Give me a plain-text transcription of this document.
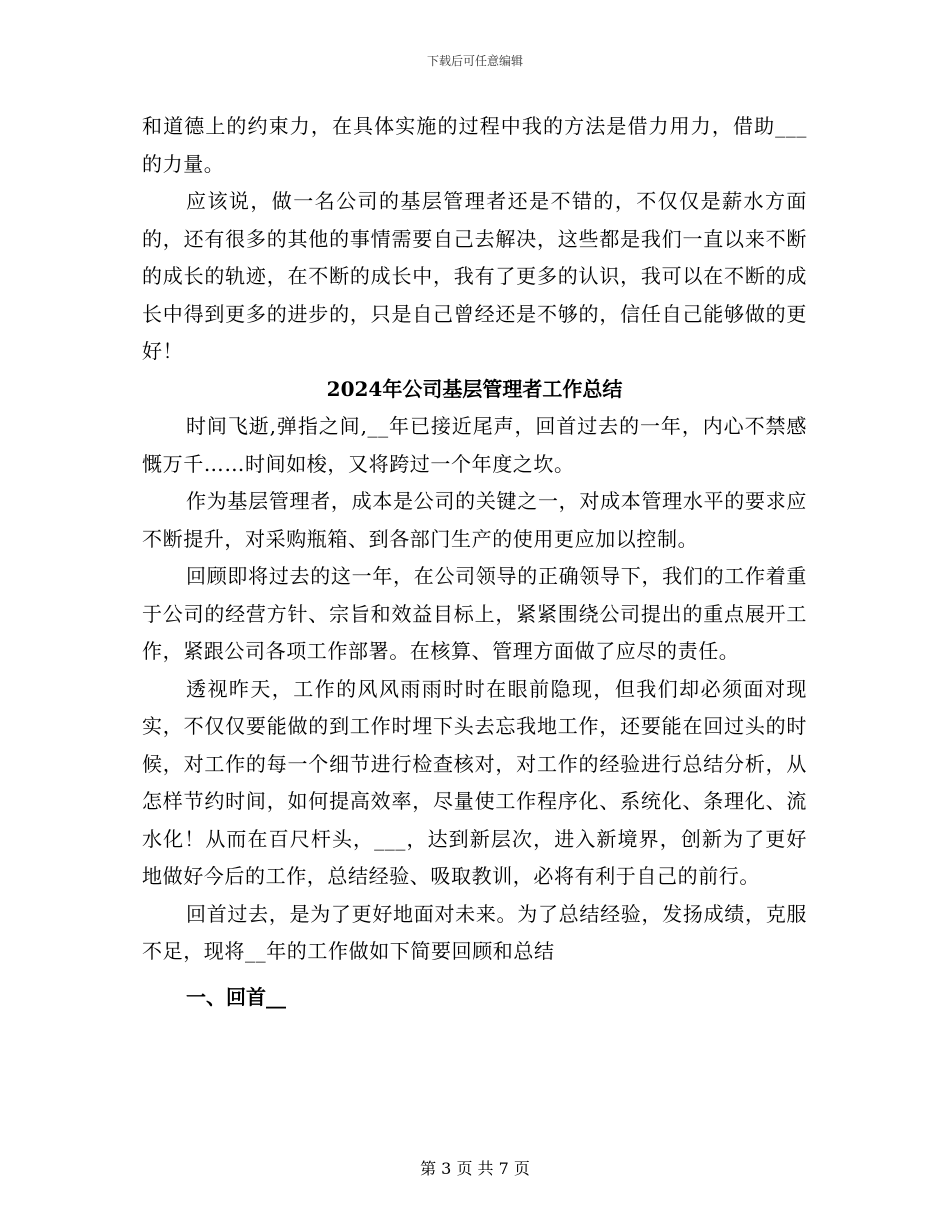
下载后可任意编辑

和道德上的约束力，在具体实施的过程中我的方法是借力用力，借助___的力量。

应该说，做一名公司的基层管理者还是不错的，不仅仅是薪水方面的，还有很多的其他的事情需要自己去解决，这些都是我们一直以来不断的成长的轨迹，在不断的成长中，我有了更多的认识，我可以在不断的成长中得到更多的进步的，只是自己曾经还是不够的，信任自己能够做的更好！

2024年公司基层管理者工作总结

时间飞逝,弹指之间,__年已接近尾声，回首过去的一年，内心不禁感慨万千……时间如梭，又将跨过一个年度之坎。

作为基层管理者，成本是公司的关键之一，对成本管理水平的要求应不断提升，对采购瓶箱、到各部门生产的使用更应加以控制。

回顾即将过去的这一年，在公司领导的正确领导下，我们的工作着重于公司的经营方针、宗旨和效益目标上，紧紧围绕公司提出的重点展开工作，紧跟公司各项工作部署。在核算、管理方面做了应尽的责任。

透视昨天，工作的风风雨雨时时在眼前隐现，但我们却必须面对现实，不仅仅要能做的到工作时埋下头去忘我地工作，还要能在回过头的时候，对工作的每一个细节进行检查核对，对工作的经验进行总结分析，从怎样节约时间，如何提高效率，尽量使工作程序化、系统化、条理化、流水化！从而在百尺杆头，___，达到新层次，进入新境界，创新为了更好地做好今后的工作，总结经验、吸取教训，必将有利于自己的前行。

回首过去，是为了更好地面对未来。为了总结经验，发扬成绩，克服不足，现将__年的工作做如下简要回顾和总结

一、回首__

第 3 页 共 7 页
